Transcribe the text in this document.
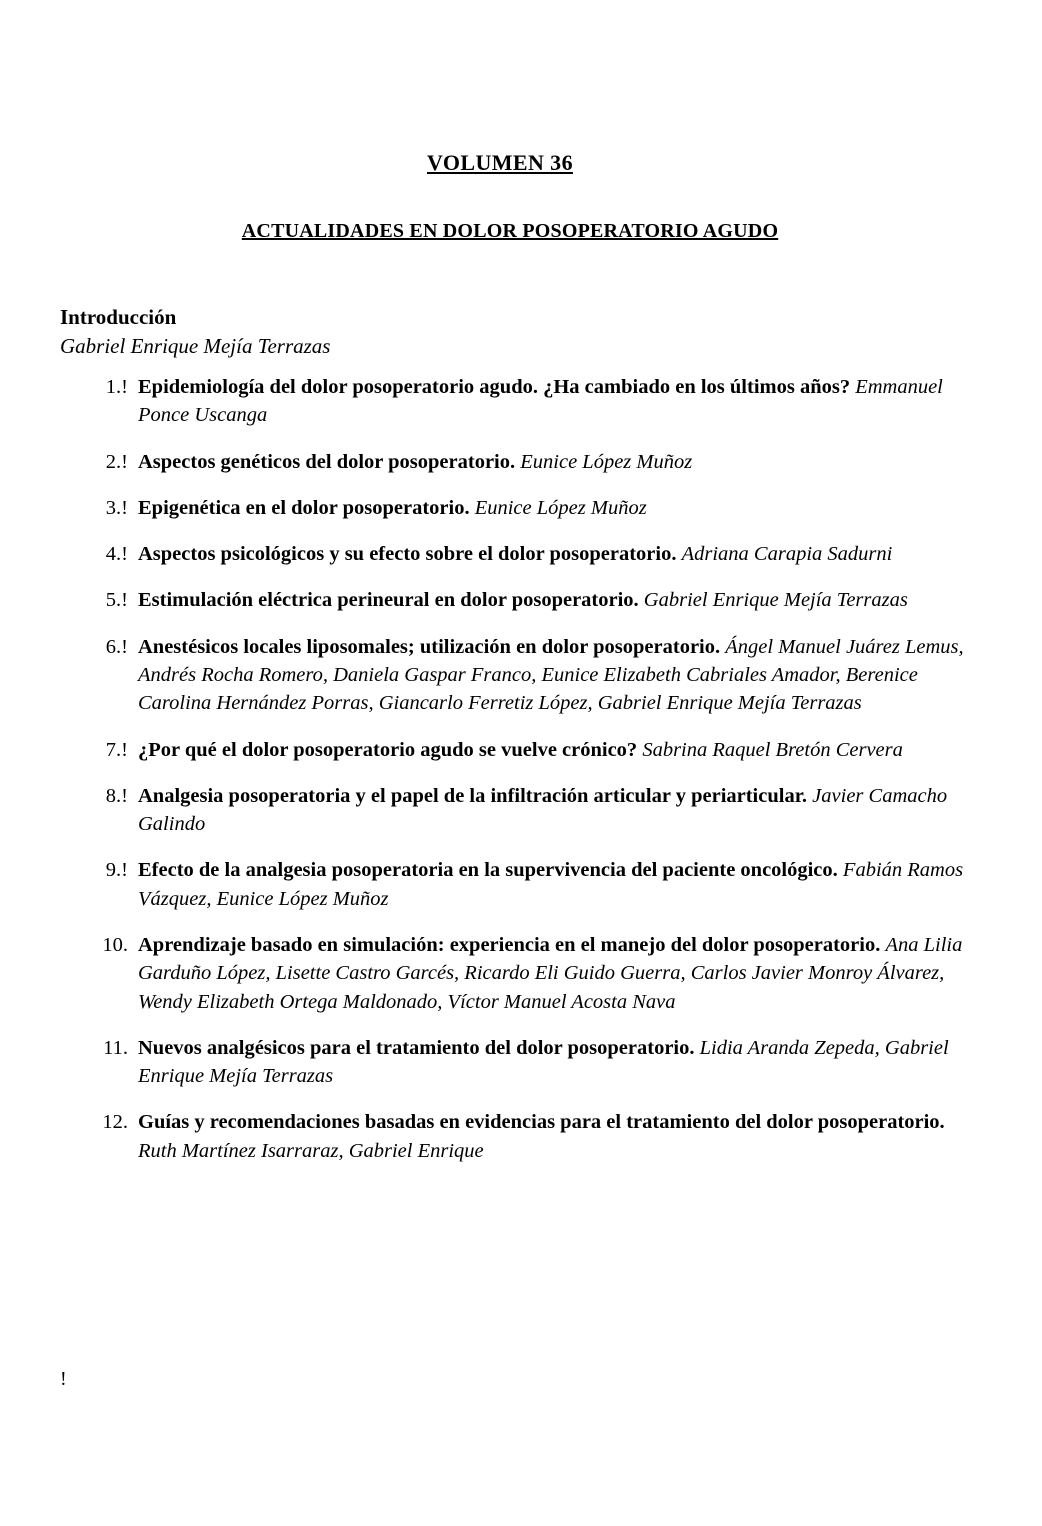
VOLUMEN 36
ACTUALIDADES EN DOLOR POSOPERATORIO AGUDO
Introducción
Gabriel Enrique Mejía Terrazas
1.! Epidemiología del dolor posoperatorio agudo. ¿Ha cambiado en los últimos años? Emmanuel Ponce Uscanga
2.! Aspectos genéticos del dolor posoperatorio. Eunice López Muñoz
3.! Epigenética en el dolor posoperatorio. Eunice López Muñoz
4.! Aspectos psicológicos y su efecto sobre el dolor posoperatorio. Adriana Carapia Sadurni
5.! Estimulación eléctrica perineural en dolor posoperatorio. Gabriel Enrique Mejía Terrazas
6.! Anestésicos locales liposomales; utilización en dolor posoperatorio. Ángel Manuel Juárez Lemus, Andrés Rocha Romero, Daniela Gaspar Franco, Eunice Elizabeth Cabriales Amador, Berenice Carolina Hernández Porras, Giancarlo Ferretiz López, Gabriel Enrique Mejía Terrazas
7.! ¿Por qué el dolor posoperatorio agudo se vuelve crónico? Sabrina Raquel Bretón Cervera
8.! Analgesia posoperatoria y el papel de la infiltración articular y periarticular. Javier Camacho Galindo
9.! Efecto de la analgesia posoperatoria en la supervivencia del paciente oncológico. Fabián Ramos Vázquez, Eunice López Muñoz
10. Aprendizaje basado en simulación: experiencia en el manejo del dolor posoperatorio. Ana Lilia Garduño López, Lisette Castro Garcés, Ricardo Eli Guido Guerra, Carlos Javier Monroy Álvarez, Wendy Elizabeth Ortega Maldonado, Víctor Manuel Acosta Nava
11. Nuevos analgésicos para el tratamiento del dolor posoperatorio. Lidia Aranda Zepeda, Gabriel Enrique Mejía Terrazas
12. Guías y recomendaciones basadas en evidencias para el tratamiento del dolor posoperatorio. Ruth Martínez Isarraraz, Gabriel Enrique
!
